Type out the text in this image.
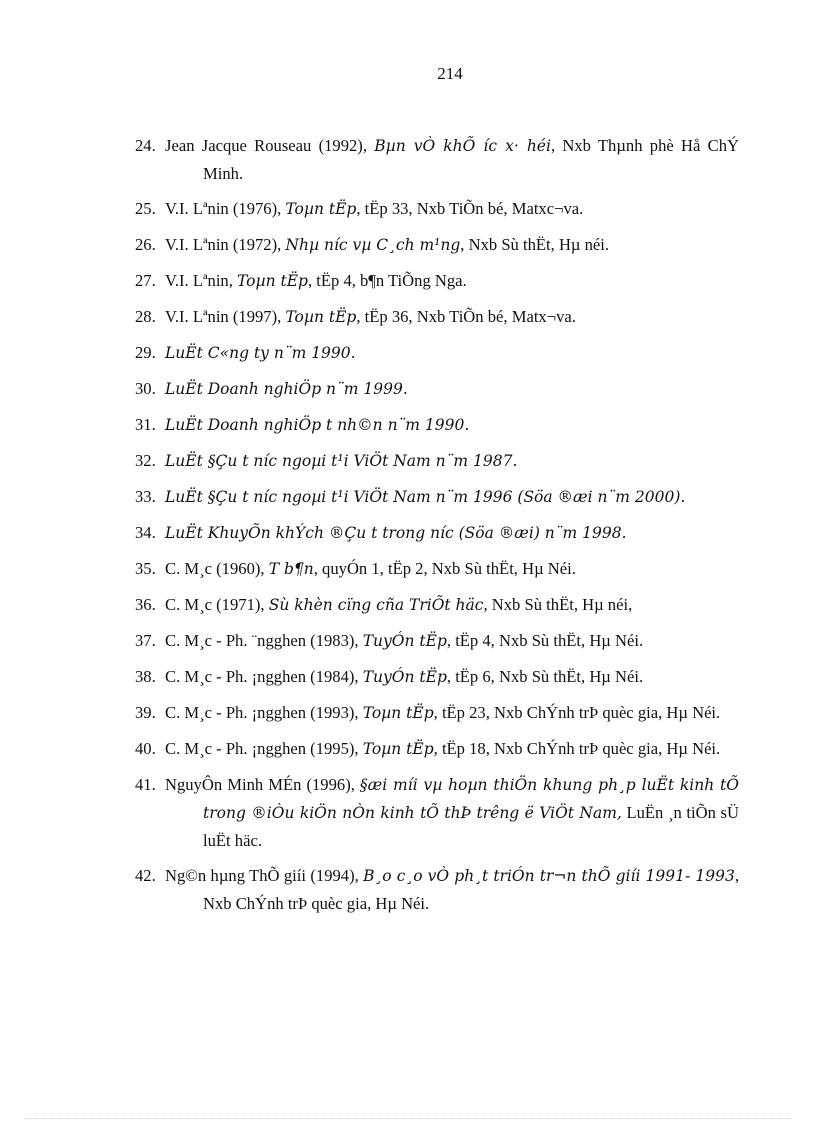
214
24. Jean Jacque Rouseau (1992), Bµn vÒ khÕ íc x· héi, Nxb Thµnh phè Hå ChÝ Minh.
25. V.I. Lªnin (1976), Toµn tËp, tËp 33, Nxb TiÕn bé, Matxc¬va.
26. V.I. Lªnin (1972), Nhµ níc vµ C¸ch m¹ng, Nxb Sù thËt, Hµ néi.
27. V.I. Lªnin, Toµn tËp, tËp 4, b¶n TiÕng Nga.
28. V.I. Lªnin (1997), Toµn tËp, tËp 36, Nxb TiÕn bé, Matx¬va.
29. LuËt C«ng ty n¨m 1990.
30. LuËt Doanh nghiÖp n¨m 1999.
31. LuËt Doanh nghiÖp t nh©n n¨m 1990.
32. LuËt §Çu t níc ngoµi t¹i ViÖt Nam n¨m 1987.
33. LuËt §Çu t níc ngoµi t¹i ViÖt Nam n¨m 1996 (Söa ®æi n¨m 2000).
34. LuËt KhuyÕn khÝch ®Çu t trong níc (Söa ®æi) n¨m 1998.
35. C. M¸c (1960), T b¶n, quyÓn 1, tËp 2, Nxb Sù thËt, Hµ Néi.
36. C. M¸c (1971), Sù khèn cïng cña TriÕt häc, Nxb Sù thËt, Hµ néi,
37. C. M¸c - Ph. ¨ngghen (1983), TuyÓn tËp, tËp 4, Nxb Sù thËt, Hµ Néi.
38. C. M¸c - Ph. ¡ngghen (1984), TuyÓn tËp, tËp 6, Nxb Sù thËt, Hµ Néi.
39. C. M¸c - Ph. ¡ngghen (1993), Toµn tËp, tËp 23, Nxb ChÝnh trÞ quèc gia, Hµ Néi.
40. C. M¸c - Ph. ¡ngghen (1995), Toµn tËp, tËp 18, Nxb ChÝnh trÞ quèc gia, Hµ Néi.
41. NguyÔn Minh MÉn (1996), §æi míi vµ hoµn thiÖn khung ph¸p luËt kinh tÕ trong ®iÒu kiÖn nÒn kinh tÕ thÞ trêng ë ViÖt Nam, LuËn ¸n tiÕn sÜ luËt häc.
42. Ng©n hµng ThÕ giíi (1994), B¸o c¸o vÒ ph¸t triÓn tr¬n thÕ giíi 1991- 1993, Nxb ChÝnh trÞ quèc gia, Hµ Néi.
